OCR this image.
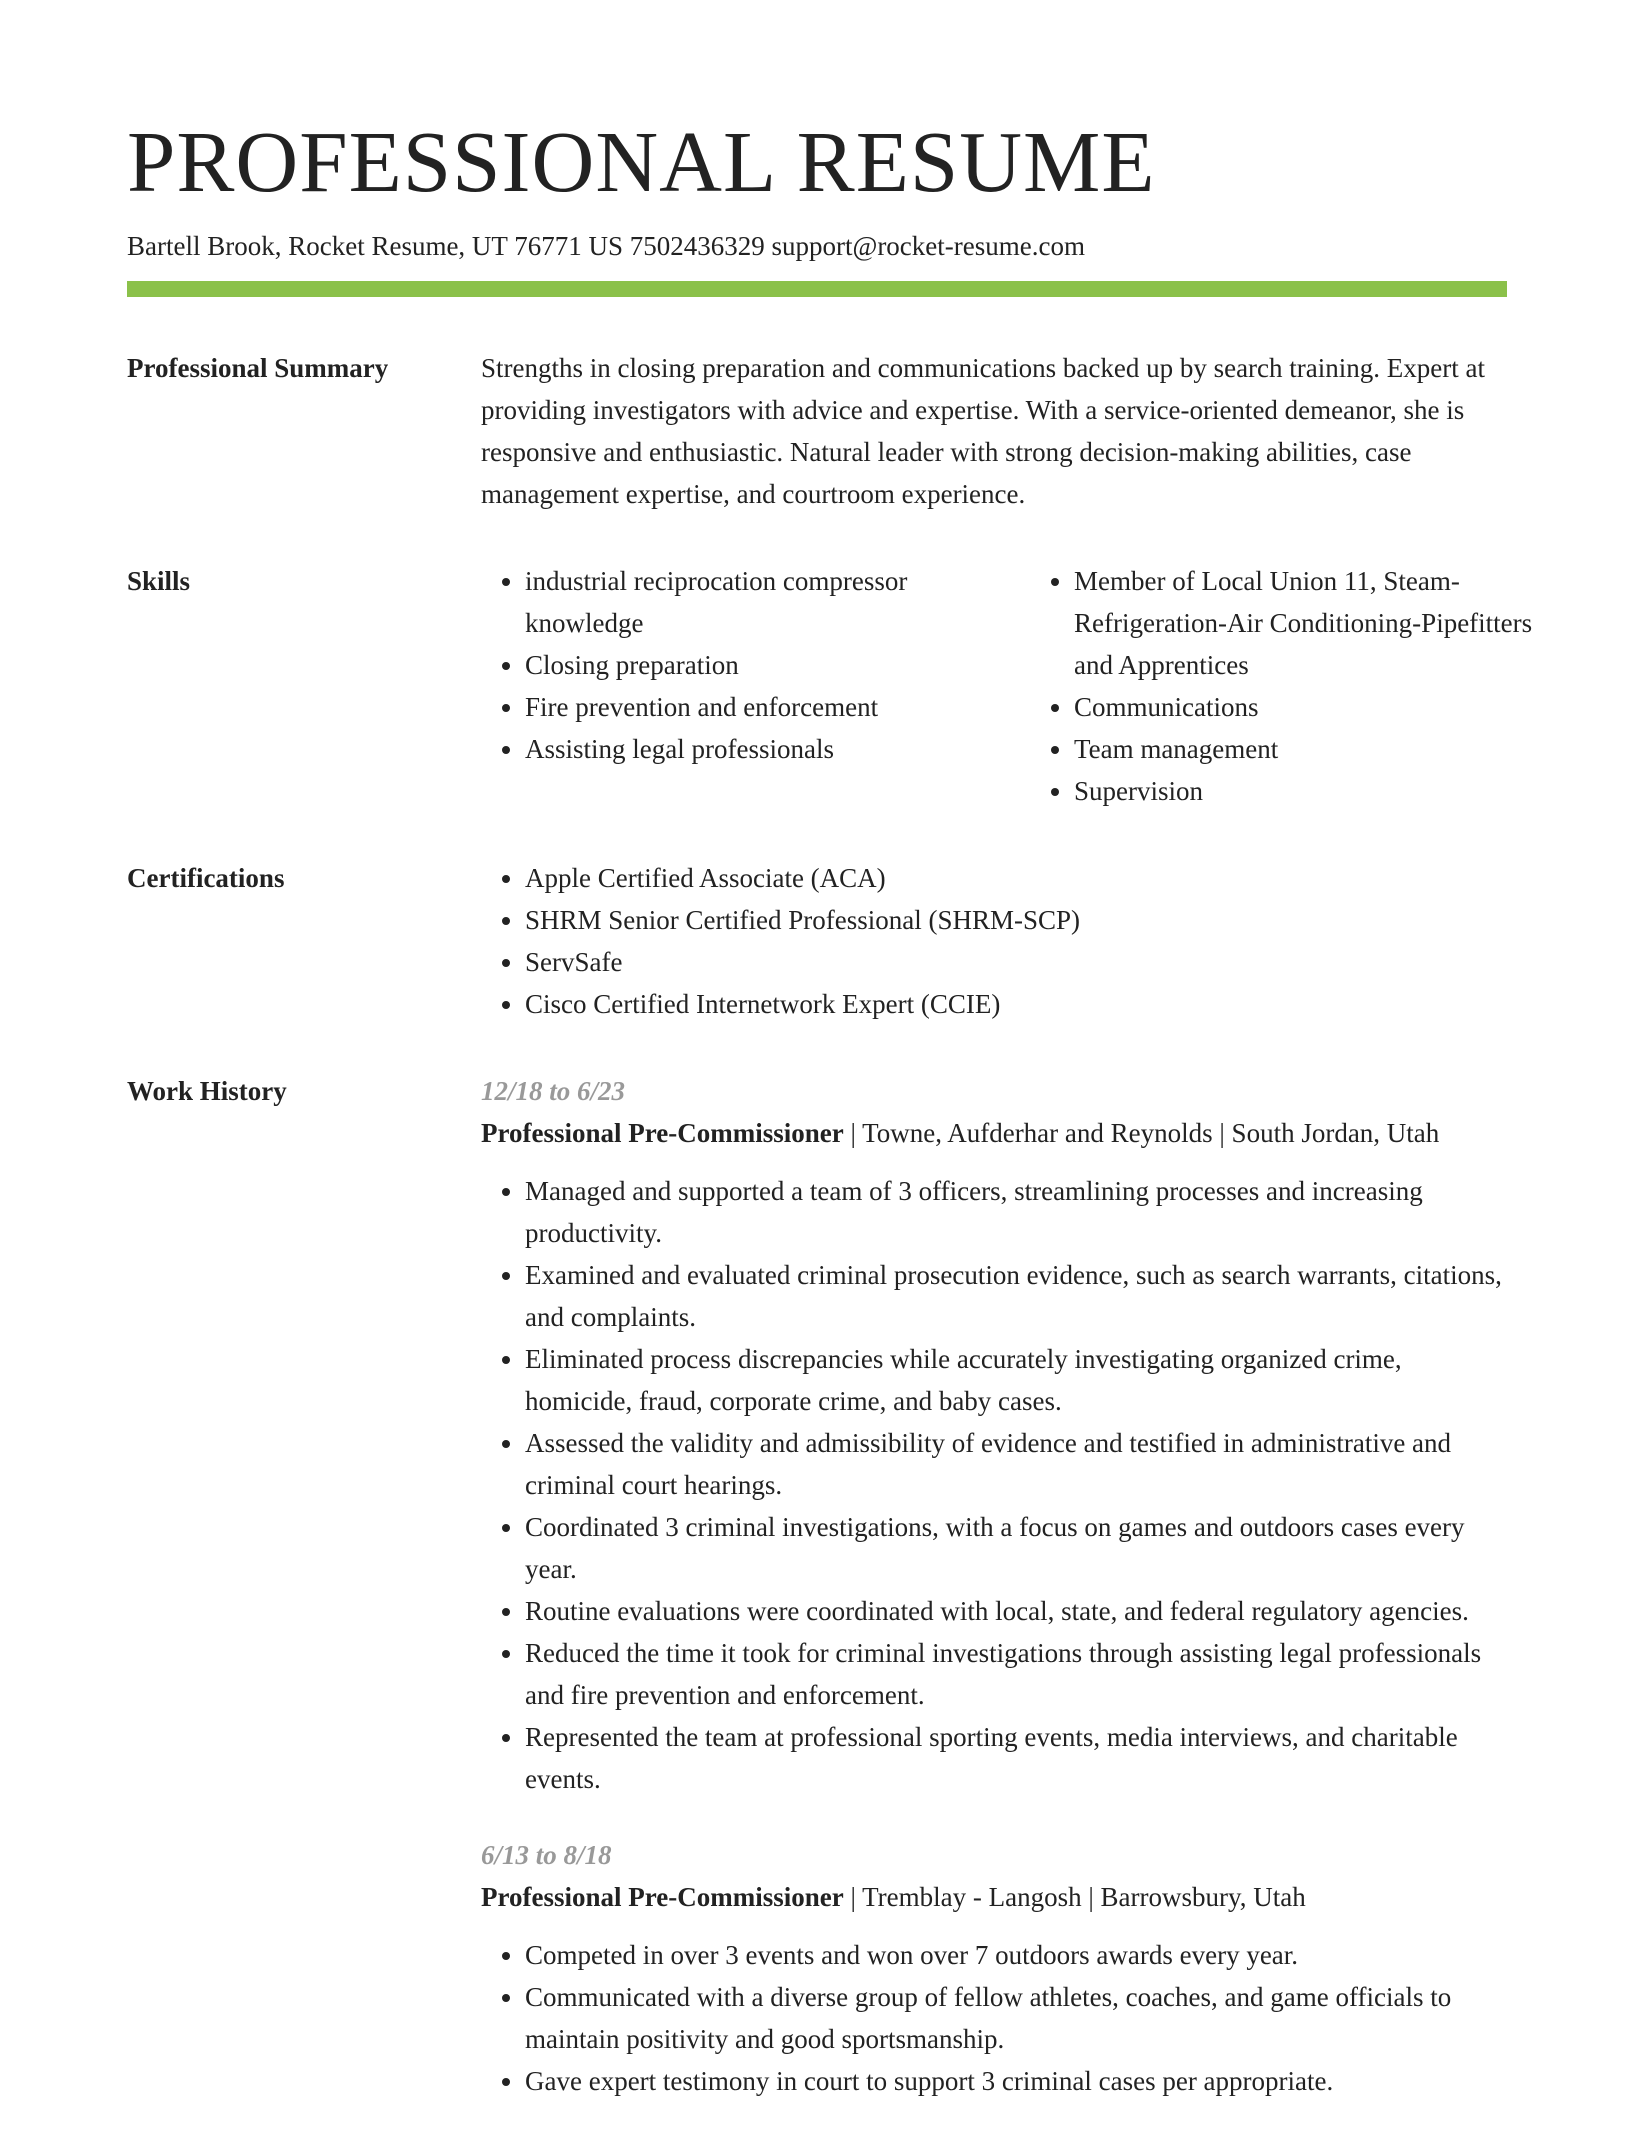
PROFESSIONAL RESUME
Bartell Brook, Rocket Resume, UT 76771 US 7502436329 support@rocket-resume.com
Professional Summary	Strengths in closing preparation and communications backed up by search training. Expert at providing investigators with advice and expertise. With a service-oriented demeanor, she is responsive and enthusiastic. Natural leader with strong decision-making abilities, case management expertise, and courtroom experience.

Skills	• industrial reciprocation compressor knowledge
• Closing preparation
• Fire prevention and enforcement
• Assisting legal professionals
• Member of Local Union 11, Steam-Refrigeration-Air Conditioning-Pipefitters and Apprentices
• Communications
• Team management
• Supervision
Certifications	• Apple Certified Associate (ACA)
• SHRM Senior Certified Professional (SHRM-SCP)
• ServSafe
• Cisco Certified Internetwork Expert (CCIE)
Work History	12/18 to 6/23
Professional Pre-Commissioner | Towne, Aufderhar and Reynolds | South Jordan, Utah
• Managed and supported a team of 3 officers, streamlining processes and increasing productivity.
• Examined and evaluated criminal prosecution evidence, such as search warrants, citations, and complaints.
• Eliminated process discrepancies while accurately investigating organized crime, homicide, fraud, corporate crime, and baby cases.
• Assessed the validity and admissibility of evidence and testified in administrative and criminal court hearings.
• Coordinated 3 criminal investigations, with a focus on games and outdoors cases every year.
• Routine evaluations were coordinated with local, state, and federal regulatory agencies.
• Reduced the time it took for criminal investigations through assisting legal professionals and fire prevention and enforcement.
• Represented the team at professional sporting events, media interviews, and charitable events.
6/13 to 8/18
Professional Pre-Commissioner | Tremblay - Langosh | Barrowsbury, Utah
• Competed in over 3 events and won over 7 outdoors awards every year.
• Communicated with a diverse group of fellow athletes, coaches, and game officials to maintain positivity and good sportsmanship.
• Gave expert testimony in court to support 3 criminal cases per appropriate.
